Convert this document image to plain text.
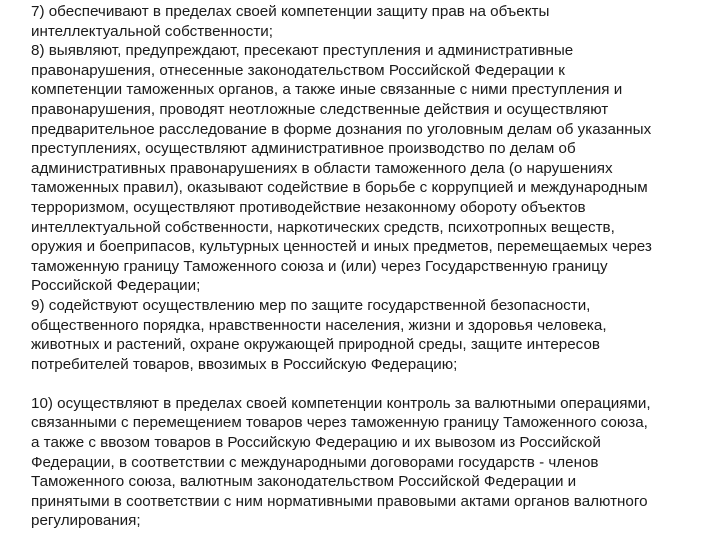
7) обеспечивают в пределах своей компетенции защиту прав на объекты
интеллектуальной собственности;
8) выявляют, предупреждают, пресекают преступления и административные
правонарушения, отнесенные законодательством Российской Федерации к
компетенции таможенных органов, а также иные связанные с ними преступления и
правонарушения, проводят неотложные следственные действия и осуществляют
предварительное расследование в форме дознания по уголовным делам об указанных
преступлениях, осуществляют административное производство по делам об
административных правонарушениях в области таможенного дела (о нарушениях
таможенных правил), оказывают содействие в борьбе с коррупцией и международным
терроризмом, осуществляют противодействие незаконному обороту объектов
интеллектуальной собственности, наркотических средств, психотропных веществ,
оружия и боеприпасов, культурных ценностей и иных предметов, перемещаемых через
таможенную границу Таможенного союза и (или) через Государственную границу
Российской Федерации;
9) содействуют осуществлению мер по защите государственной безопасности,
общественного порядка, нравственности населения, жизни и здоровья человека,
животных и растений, охране окружающей природной среды, защите интересов
потребителей товаров, ввозимых в Российскую Федерацию;
10) осуществляют в пределах своей компетенции контроль за валютными операциями,
связанными с перемещением товаров через таможенную границу Таможенного союза,
а также с ввозом товаров в Российскую Федерацию и их вывозом из Российской
Федерации, в соответствии с международными договорами государств - членов
Таможенного союза, валютным законодательством Российской Федерации и
принятыми в соответствии с ним нормативными правовыми актами органов валютного
регулирования;
